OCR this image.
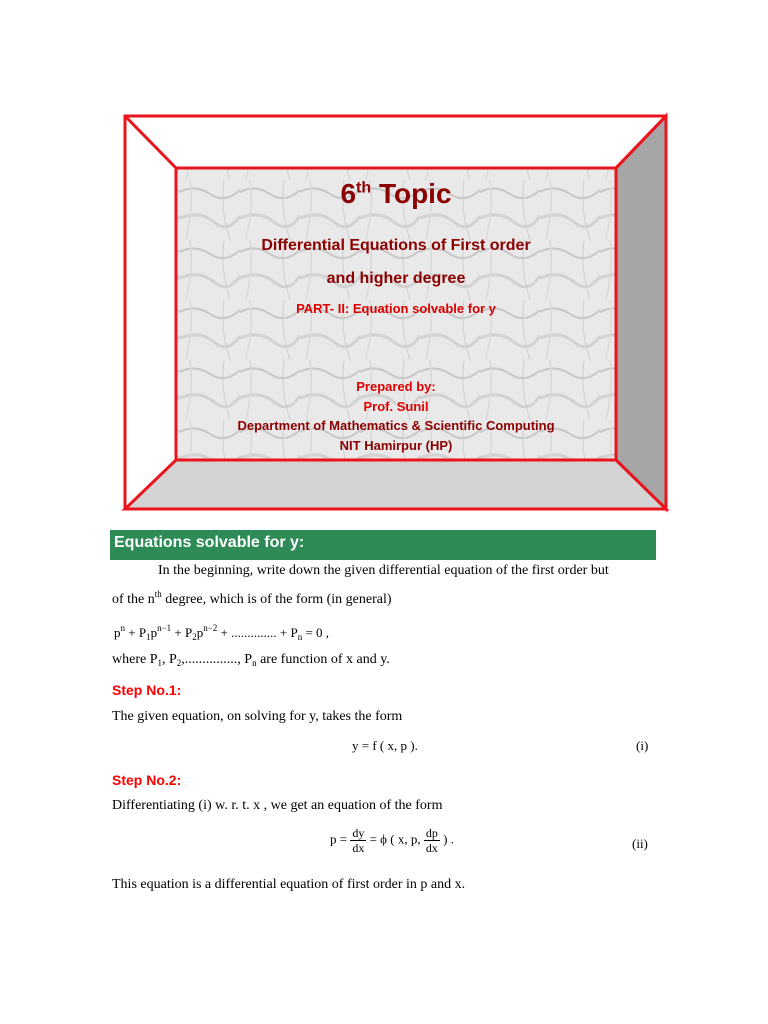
6th Topic
Differential Equations of First order
and higher degree
PART- II: Equation solvable for y
Prepared by:
Prof. Sunil
Department of Mathematics & Scientific Computing
NIT Hamirpur (HP)
Equations solvable for y:
In the beginning, write down the given differential equation of the first order but
of the $n^{th}$ degree, which is of the form (in general)
$p^n + P_1p^{n-1} + P_2p^{n-2}$ + .............. + $P_n = 0$ ,
where $P_1$, $P_2$,..............., $P_n$ are function of x and y.
Step No.1:
The given equation, on solving for y, takes the form
y = f ( x, p ).	(i)
Step No.2:
Differentiating (i) w. r. t. x , we get an equation of the form
$p = \frac{dy}{dx} = \phi$ ( x, p, $\frac{dp}{dx}$ ) .	(ii)
This equation is a differential equation of first order in p and x.
